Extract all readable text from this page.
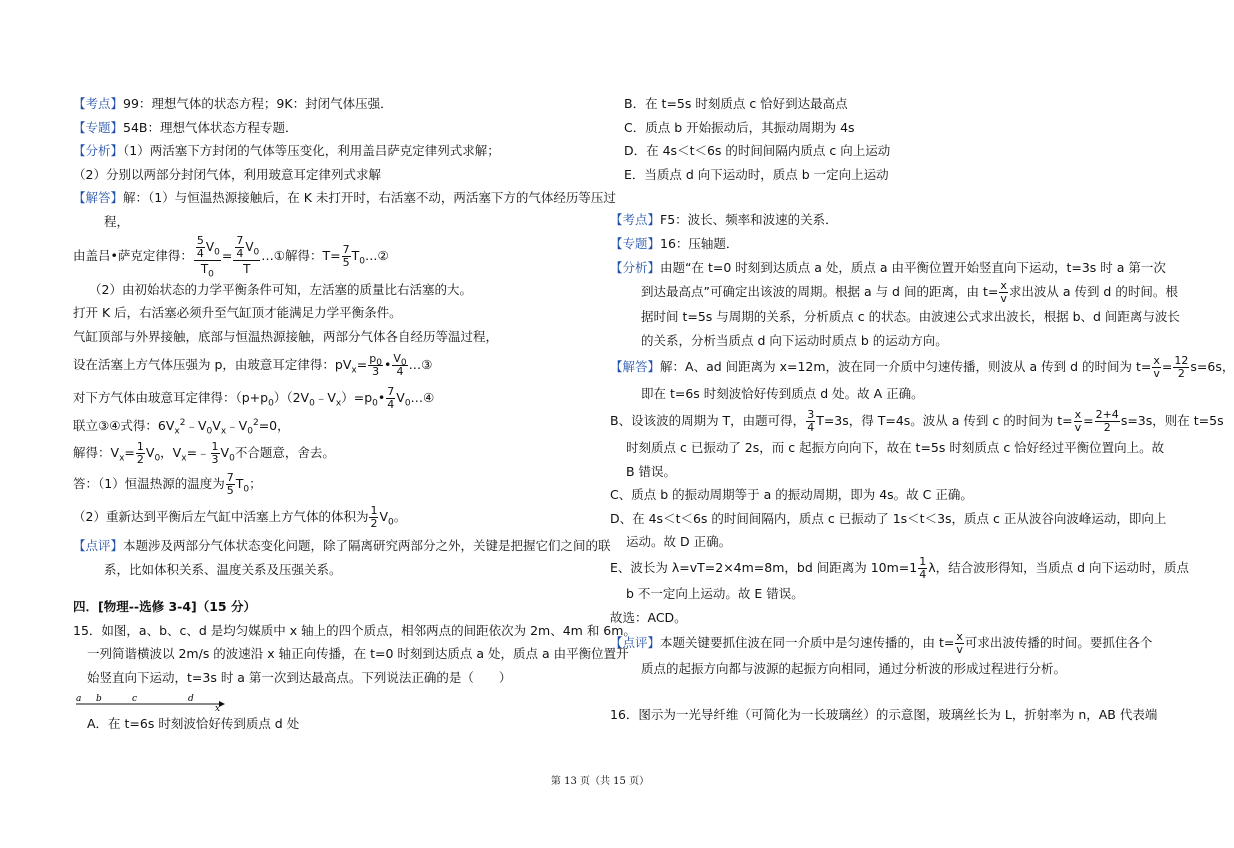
【考点】99：理想气体的状态方程；9K：封闭气体压强．
【专题】54B：理想气体状态方程专题．
【分析】（1）两活塞下方封闭的气体等压变化，利用盖吕萨克定律列式求解；
（2）分别以两部分封闭气体，利用玻意耳定律列式求解
【解答】解：（1）与恒温热源接触后，在 K 未打开时，右活塞不动，两活塞下方的气体经历等压过
程，
由盖吕•萨克定律得： $\frac{\frac{5}{4} V_0}{T_0} = \frac{\frac{7}{4} V_0}{T}$ …①解得：$T= \frac{7}{5}$ $T_0\dots ②$
（2）由初始状态的力学平衡条件可知，左活塞的质量比右活塞的大。
打开 K 后，右活塞必须升至气缸顶才能满足力学平衡条件。
气缸顶部与外界接触，底部与恒温热源接触，两部分气体各自经历等温过程，
设在活塞上方气体压强为 p，由玻意耳定律得：$pV_x= \frac{p_0}{3}$ • $\frac{V_0}{4}$ …③
对下方气体由玻意耳定律得：$(p+p_0)(2V_0﹣V_x)=p_0• \frac{7}{4}$ $V_0\dots ④$
联立③④式得：$6V_x^2﹣V_0V_x﹣V_0^2=0$，
解得：$V_x= \frac{1}{2} V_0$，$V_x=﹣ \frac{1}{3} V_0$不合题意，舍去。
答：（1）恒温热源的温度为 $\frac{7}{5} T_0$；
（2）重新达到平衡后左气缸中活塞上方气体的体积为 $\frac{1}{2} V_0$。
【点评】本题涉及两部分气体状态变化问题，除了隔离研究两部分之外，关键是把握它们之间的联
系，比如体积关系、温度关系及压强关系。
四．[物理--选修 3-4]（15 分）
15．如图，a、b、c、d 是均匀媒质中 x 轴上的四个质点，相邻两点的间距依次为 2m、4m 和 6m。
一列简谐横波以 2m/s 的波速沿 x 轴正向传播，在 t=0 时刻到达质点 a 处，质点 a 由平衡位置开
始竖直向下运动，t=3s 时 a 第一次到达最高点。下列说法正确的是（　　）
a b	c	d
x
A．在 t=6s 时刻波恰好传到质点 d 处
B．在 t=5s 时刻质点 c 恰好到达最高点
C．质点 b 开始振动后，其振动周期为 4s
D．在 4s＜t＜6s 的时间间隔内质点 c 向上运动
E．当质点 d 向下运动时，质点 b 一定向上运动
【考点】F5：波长、频率和波速的关系．
【专题】16：压轴题．
【分析】由题“在 t=0 时刻到达质点 a 处，质点 a 由平衡位置开始竖直向下运动，t=3s 时 a 第一次
到达最高点”可确定出该波的周期。根据 a 与 d 间的距离，由 $t= \frac{x}{v}$ 求出波从 a 传到 d 的时间。根
据时间 t=5s 与周期的关系，分析质点 c 的状态。由波速公式求出波长，根据 b、d 间距离与波长
的关系，分析当质点 d 向下运动时质点 b 的运动方向。
【解答】解：A、ad 间距离为 x=12m，波在同一介质中匀速传播，则波从 a 传到 d 的时间为 $t= \frac{x}{v} = \frac{12}{2} s=6s$，
即在 t=6s 时刻波恰好传到质点 d 处。故 A 正确。
B、设该波的周期为 T，由题可得， $\frac{3}{4} T=3s$，得 T=4s。波从 a 传到 c 的时间为 $t= \frac{x}{v} = \frac{2+4}{2} s=3s$，则在 t=5s
时刻质点 c 已振动了 2s，而 c 起振方向向下，故在 t=5s 时刻质点 c 恰好经过平衡位置向上。故
B 错误。
C、质点 b 的振动周期等于 a 的振动周期，即为 4s。故 C 正确。
D、在 4s＜t＜6s 的时间间隔内，质点 c 已振动了 1s＜t＜3s，质点 c 正从波谷向波峰运动，即向上
运动。故 D 正确。
E、波长为 λ=vT=2×4m=8m，bd 间距离为 $10m=1 \frac{1}{4}$ λ，结合波形得知，当质点 d 向下运动时，质点
b 不一定向上运动。故 E 错误。
故选：ACD。
【点评】本题关键要抓住波在同一介质中是匀速传播的，由 $t= \frac{x}{v}$ 可求出波传播的时间。要抓住各个
质点的起振方向都与波源的起振方向相同，通过分析波的形成过程进行分析。
16．图示为一光导纤维（可简化为一长玻璃丝）的示意图，玻璃丝长为 L，折射率为 n，AB 代表端
第 13 页（共 15 页）
